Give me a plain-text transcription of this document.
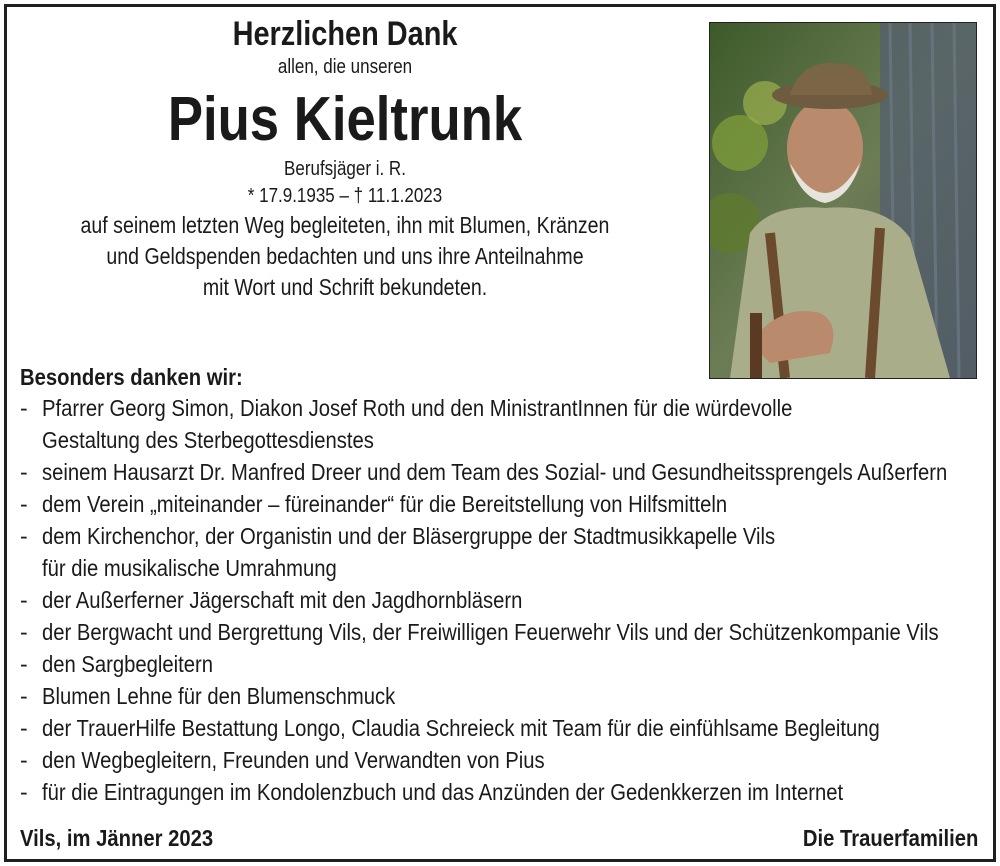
Herzlichen Dank
allen, die unseren
Pius Kieltrunk
Berufsjäger i. R.
* 17.9.1935 – † 11.1.2023
auf seinem letzten Weg begleiteten, ihn mit Blumen, Kränzen
und Geldspenden bedachten und uns ihre Anteilnahme
mit Wort und Schrift bekundeten.
Besonders danken wir:
- Pfarrer Georg Simon, Diakon Josef Roth und den MinistrantInnen für die würdevolle
Gestaltung des Sterbegottesdienstes
- seinem Hausarzt Dr. Manfred Dreer und dem Team des Sozial- und Gesundheitssprengels Außerfern
- dem Verein „miteinander – füreinander“ für die Bereitstellung von Hilfsmitteln
- dem Kirchenchor, der Organistin und der Bläsergruppe der Stadtmusikkapelle Vils
für die musikalische Umrahmung
- der Außerferner Jägerschaft mit den Jagdhornbläsern
- der Bergwacht und Bergrettung Vils, der Freiwilligen Feuerwehr Vils und der Schützenkompanie Vils
- den Sargbegleitern
- Blumen Lehne für den Blumenschmuck
- der TrauerHilfe Bestattung Longo, Claudia Schreieck mit Team für die einfühlsame Begleitung
- den Wegbegleitern, Freunden und Verwandten von Pius
- für die Eintragungen im Kondolenzbuch und das Anzünden der Gedenkkerzen im Internet
Vils, im Jänner 2023	Die Trauerfamilien
